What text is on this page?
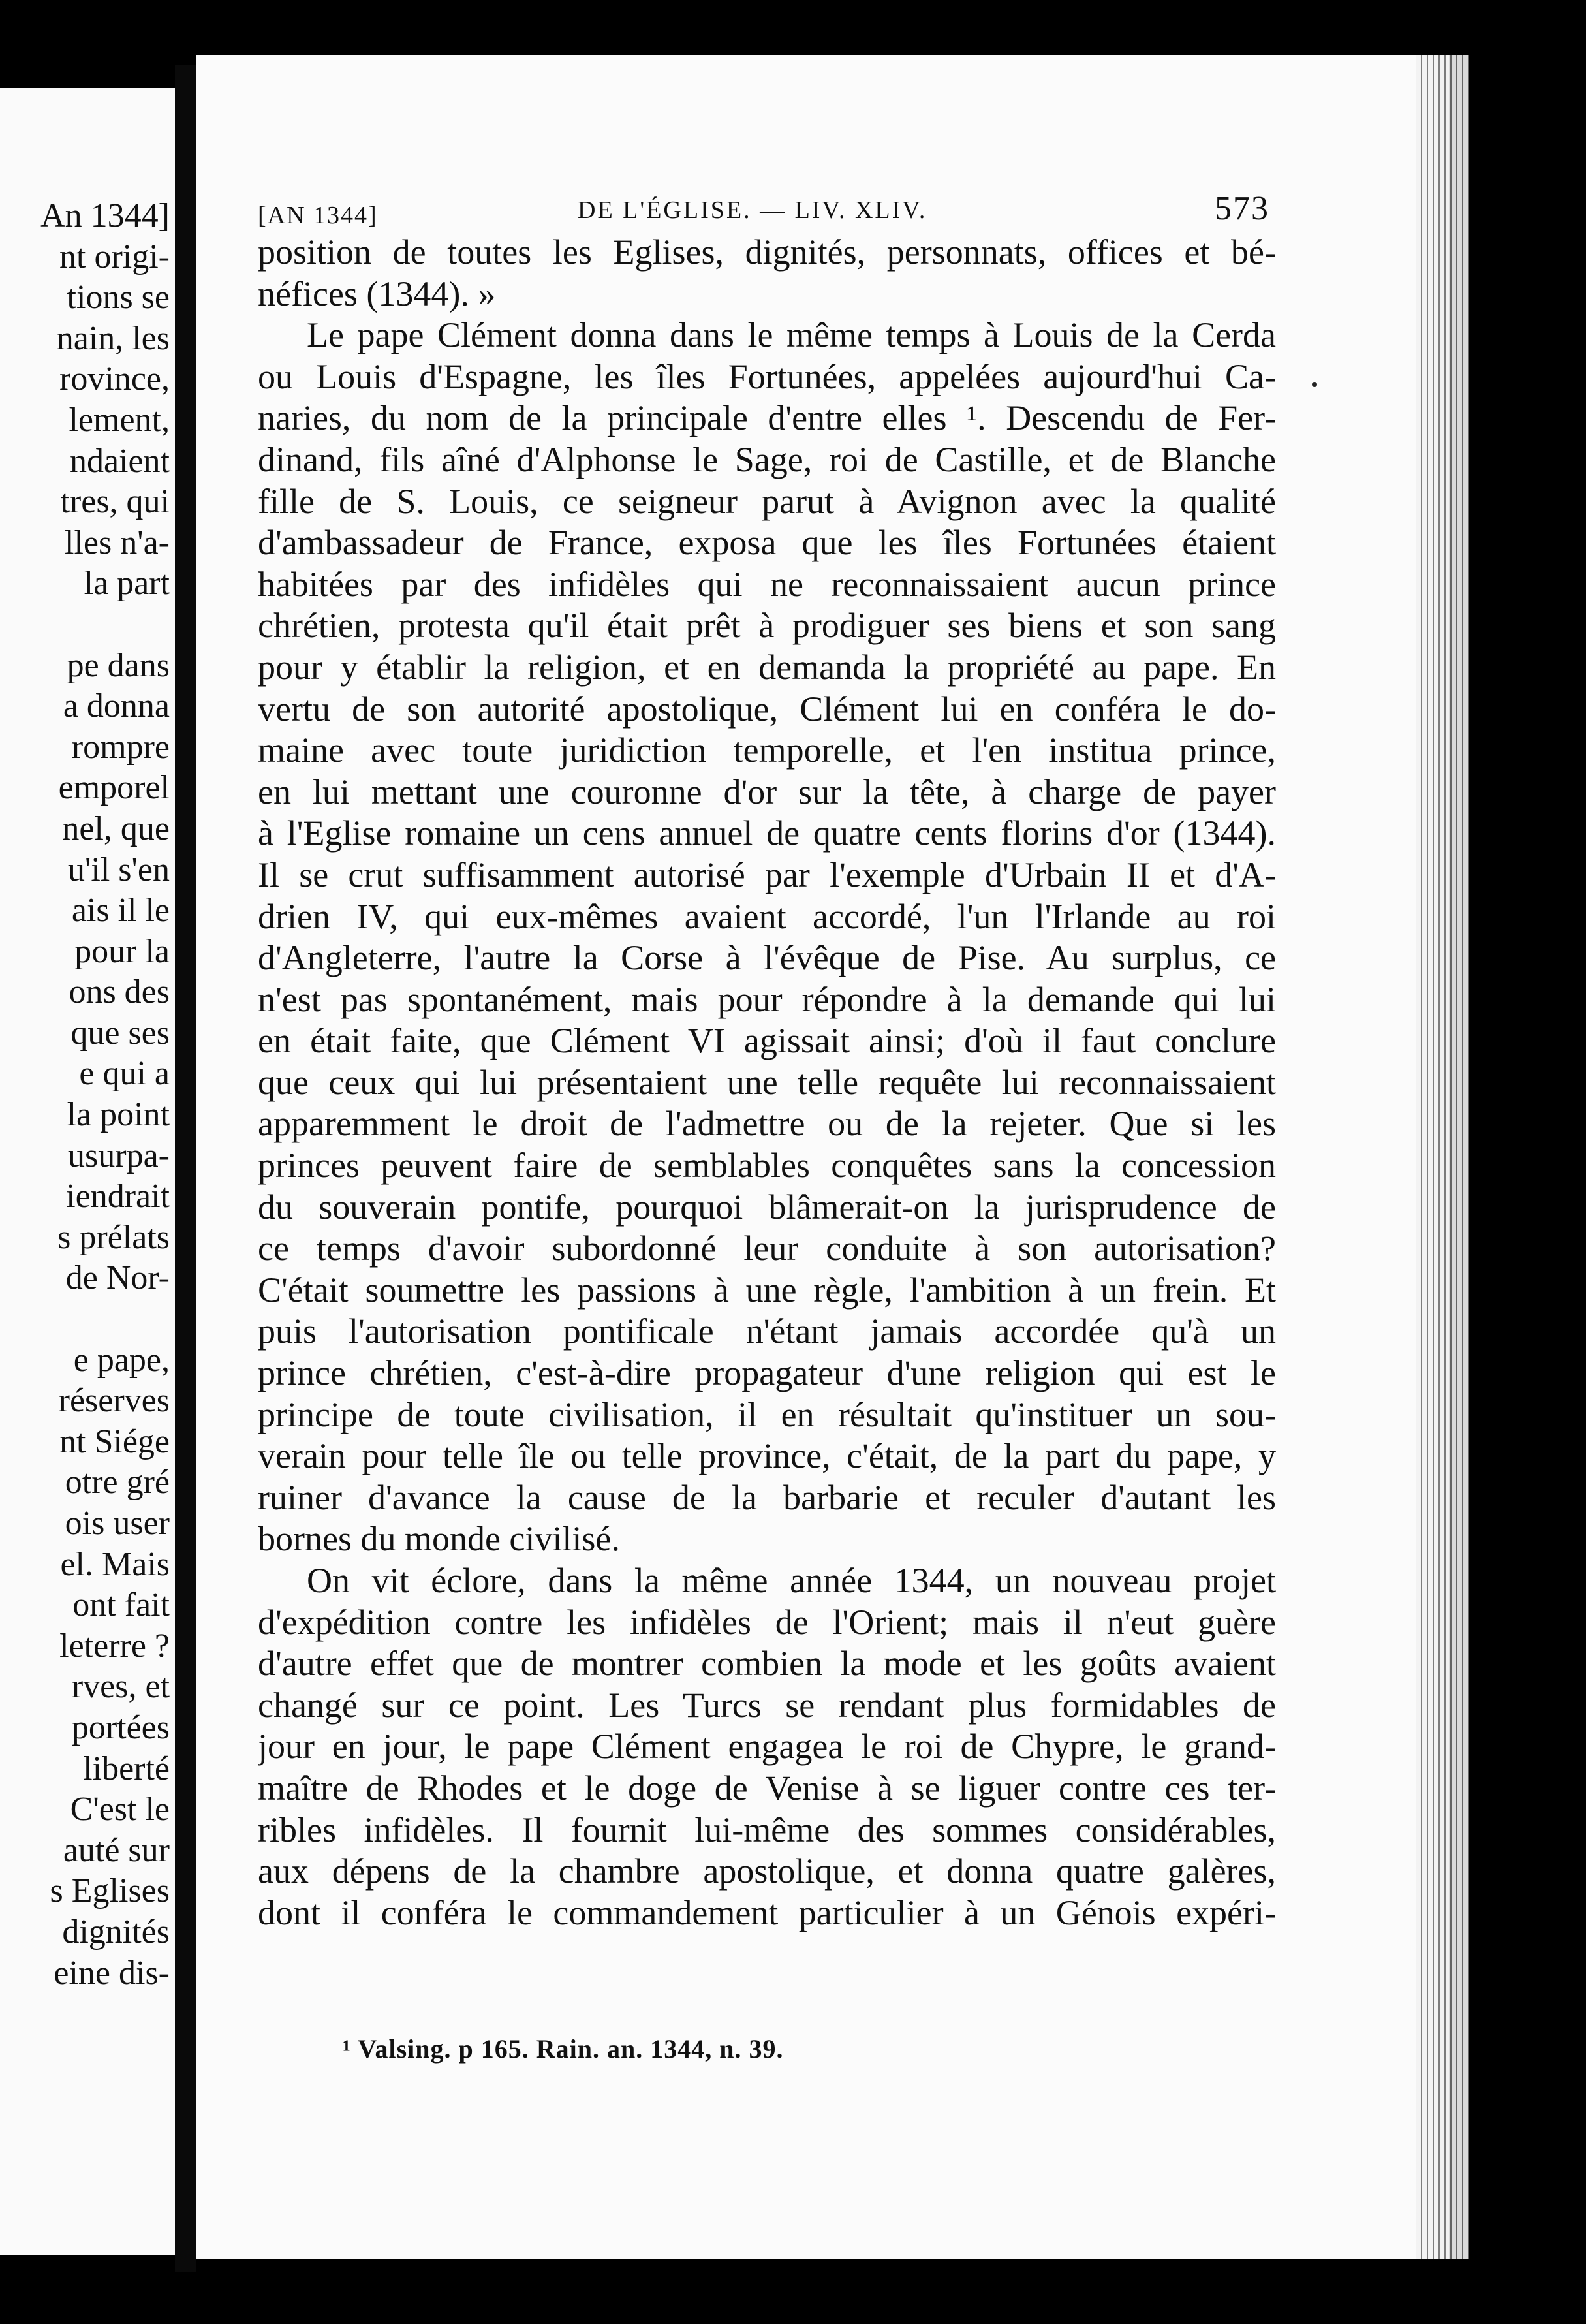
An 1344]
nt origi-
tions se
nain, les
rovince,
lement,
ndaient
tres, qui
lles n'a-
la part
pe dans
a donna
rompre
emporel
nel, que
u'il s'en
ais il le
pour la
ons des
que ses
e qui a
la point
usurpa-
iendrait
s prélats
de Nor-
e pape,
réserves
nt Siége
otre gré
ois user
el. Mais
ont fait
leterre ?
rves, et
portées
liberté
C'est le
auté sur
s Eglises
dignités
eine dis-
[AN 1344]	DE L'ÉGLISE. — LIV. XLIV.	573
position de toutes les Eglises, dignités, personnats, offices et bé-
néfices (1344). »
Le pape Clément donna dans le même temps à Louis de la Cerda
ou Louis d'Espagne, les îles Fortunées, appelées aujourd'hui Ca-
naries, du nom de la principale d'entre elles ¹. Descendu de Fer-
dinand, fils aîné d'Alphonse le Sage, roi de Castille, et de Blanche
fille de S. Louis, ce seigneur parut à Avignon avec la qualité
d'ambassadeur de France, exposa que les îles Fortunées étaient
habitées par des infidèles qui ne reconnaissaient aucun prince
chrétien, protesta qu'il était prêt à prodiguer ses biens et son sang
pour y établir la religion, et en demanda la propriété au pape. En
vertu de son autorité apostolique, Clément lui en conféra le do-
maine avec toute juridiction temporelle, et l'en institua prince,
en lui mettant une couronne d'or sur la tête, à charge de payer
à l'Eglise romaine un cens annuel de quatre cents florins d'or (1344).
Il se crut suffisamment autorisé par l'exemple d'Urbain II et d'A-
drien IV, qui eux-mêmes avaient accordé, l'un l'Irlande au roi
d'Angleterre, l'autre la Corse à l'évêque de Pise. Au surplus, ce
n'est pas spontanément, mais pour répondre à la demande qui lui
en était faite, que Clément VI agissait ainsi; d'où il faut conclure
que ceux qui lui présentaient une telle requête lui reconnaissaient
apparemment le droit de l'admettre ou de la rejeter. Que si les
princes peuvent faire de semblables conquêtes sans la concession
du souverain pontife, pourquoi blâmerait-on la jurisprudence de
ce temps d'avoir subordonné leur conduite à son autorisation?
C'était soumettre les passions à une règle, l'ambition à un frein. Et
puis l'autorisation pontificale n'étant jamais accordée qu'à un
prince chrétien, c'est-à-dire propagateur d'une religion qui est le
principe de toute civilisation, il en résultait qu'instituer un sou-
verain pour telle île ou telle province, c'était, de la part du pape, y
ruiner d'avance la cause de la barbarie et reculer d'autant les
bornes du monde civilisé.
On vit éclore, dans la même année 1344, un nouveau projet
d'expédition contre les infidèles de l'Orient; mais il n'eut guère
d'autre effet que de montrer combien la mode et les goûts avaient
changé sur ce point. Les Turcs se rendant plus formidables de
jour en jour, le pape Clément engagea le roi de Chypre, le grand-
maître de Rhodes et le doge de Venise à se liguer contre ces ter-
ribles infidèles. Il fournit lui-même des sommes considérables,
aux dépens de la chambre apostolique, et donna quatre galères,
dont il conféra le commandement particulier à un Génois expéri-
¹ Valsing. p 165. Rain. an. 1344, n. 39.
